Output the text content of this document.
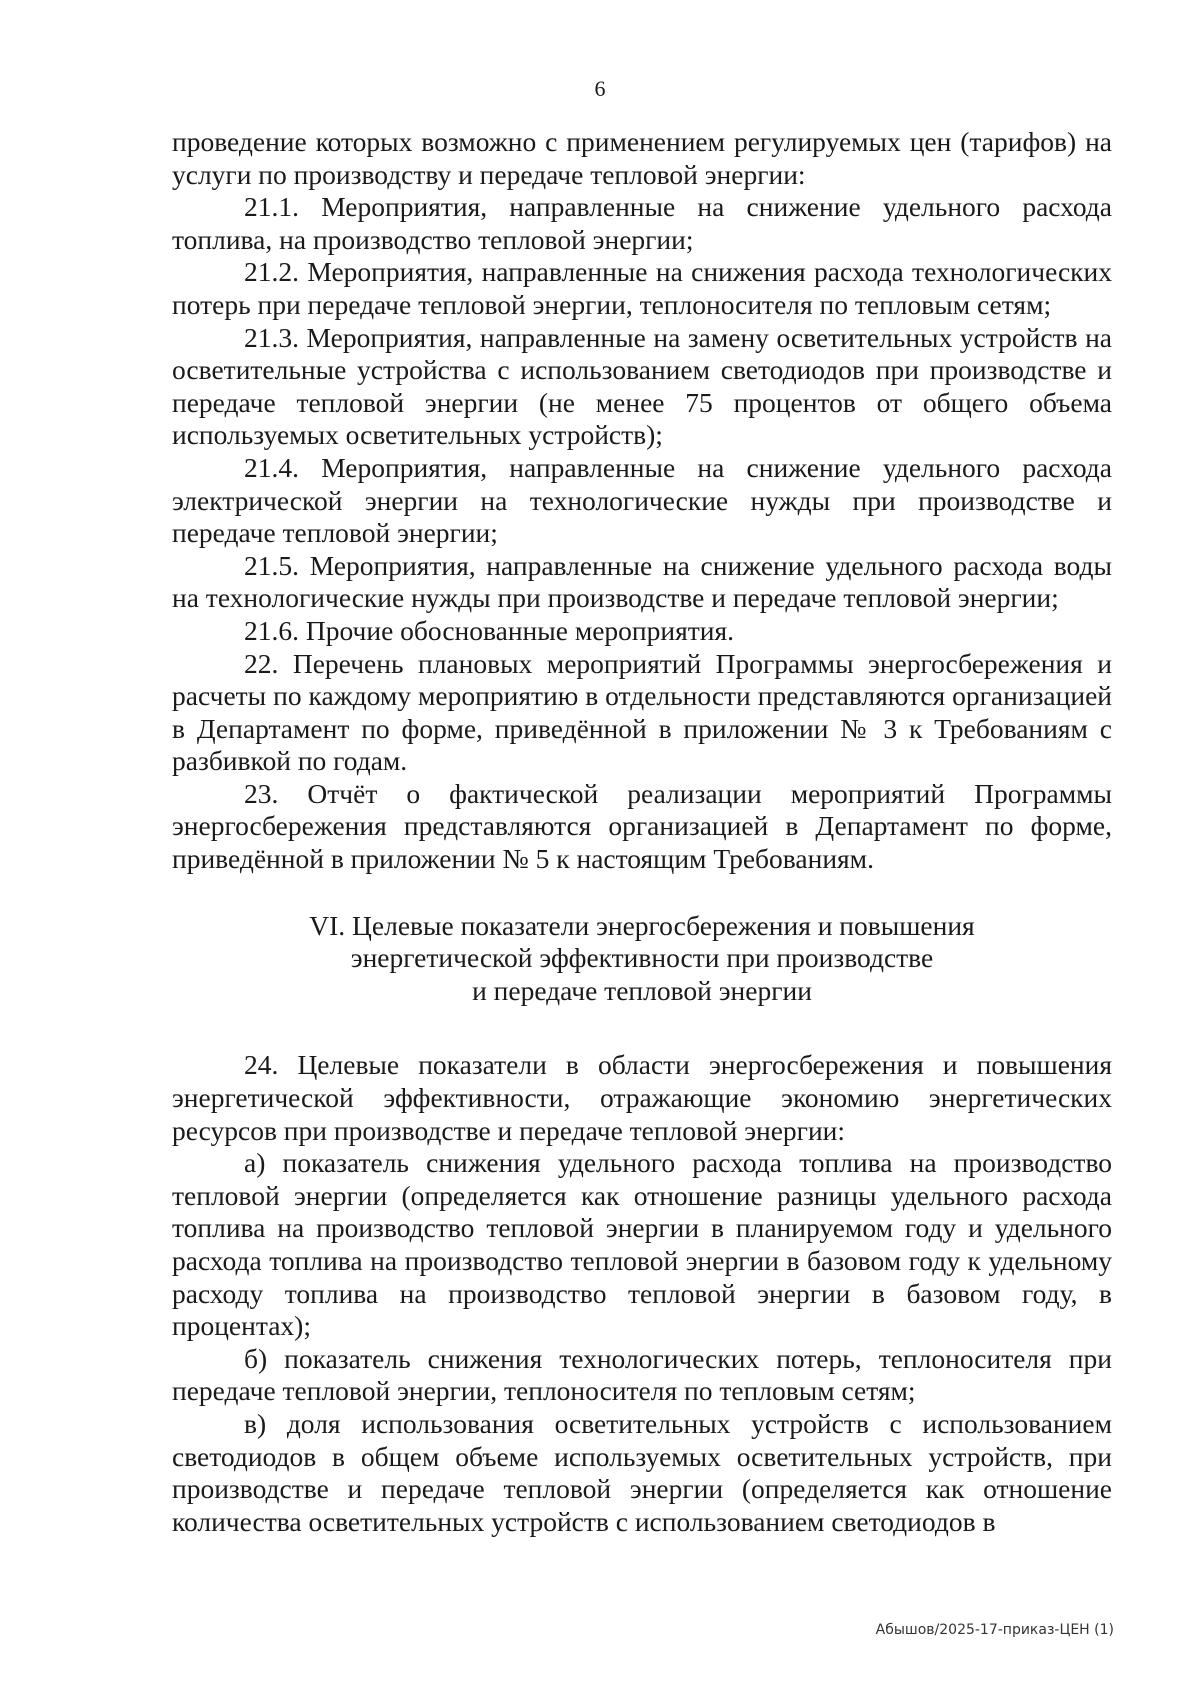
6

проведение которых возможно с применением регулируемых цен (тарифов) на услуги по производству и передаче тепловой энергии:

21.1. Мероприятия, направленные на снижение удельного расхода топлива, на производство тепловой энергии;

21.2. Мероприятия, направленные на снижения расхода технологических потерь при передаче тепловой энергии, теплоносителя по тепловым сетям;

21.3. Мероприятия, направленные на замену осветительных устройств на осветительные устройства с использованием светодиодов при производстве и передаче тепловой энергии (не менее 75 процентов от общего объема используемых осветительных устройств);

21.4. Мероприятия, направленные на снижение удельного расхода электрической энергии на технологические нужды при производстве и передаче тепловой энергии;

21.5. Мероприятия, направленные на снижение удельного расхода воды на технологические нужды при производстве и передаче тепловой энергии;

21.6. Прочие обоснованные мероприятия.

22. Перечень плановых мероприятий Программы энергосбережения и расчеты по каждому мероприятию в отдельности представляются организацией в Департамент по форме, приведённой в приложении № 3 к Требованиям с разбивкой по годам.

23. Отчёт о фактической реализации мероприятий Программы энергосбережения представляются организацией в Департамент по форме, приведённой в приложении № 5 к настоящим Требованиям.

VI. Целевые показатели энергосбережения и повышения
энергетической эффективности при производстве
и передаче тепловой энергии

24. Целевые показатели в области энергосбережения и повышения энергетической эффективности, отражающие экономию энергетических ресурсов при производстве и передаче тепловой энергии:

а) показатель снижения удельного расхода топлива на производство тепловой энергии (определяется как отношение разницы удельного расхода топлива на производство тепловой энергии в планируемом году и удельного расхода топлива на производство тепловой энергии в базовом году к удельному расходу топлива на производство тепловой энергии в базовом году, в процентах);

б) показатель снижения технологических потерь, теплоносителя при передаче тепловой энергии, теплоносителя по тепловым сетям;

в) доля использования осветительных устройств с использованием светодиодов в общем объеме используемых осветительных устройств, при производстве и передаче тепловой энергии (определяется как отношение количества осветительных устройств с использованием светодиодов в

Абышов/2025-17-приказ-ЦЕН (1)
